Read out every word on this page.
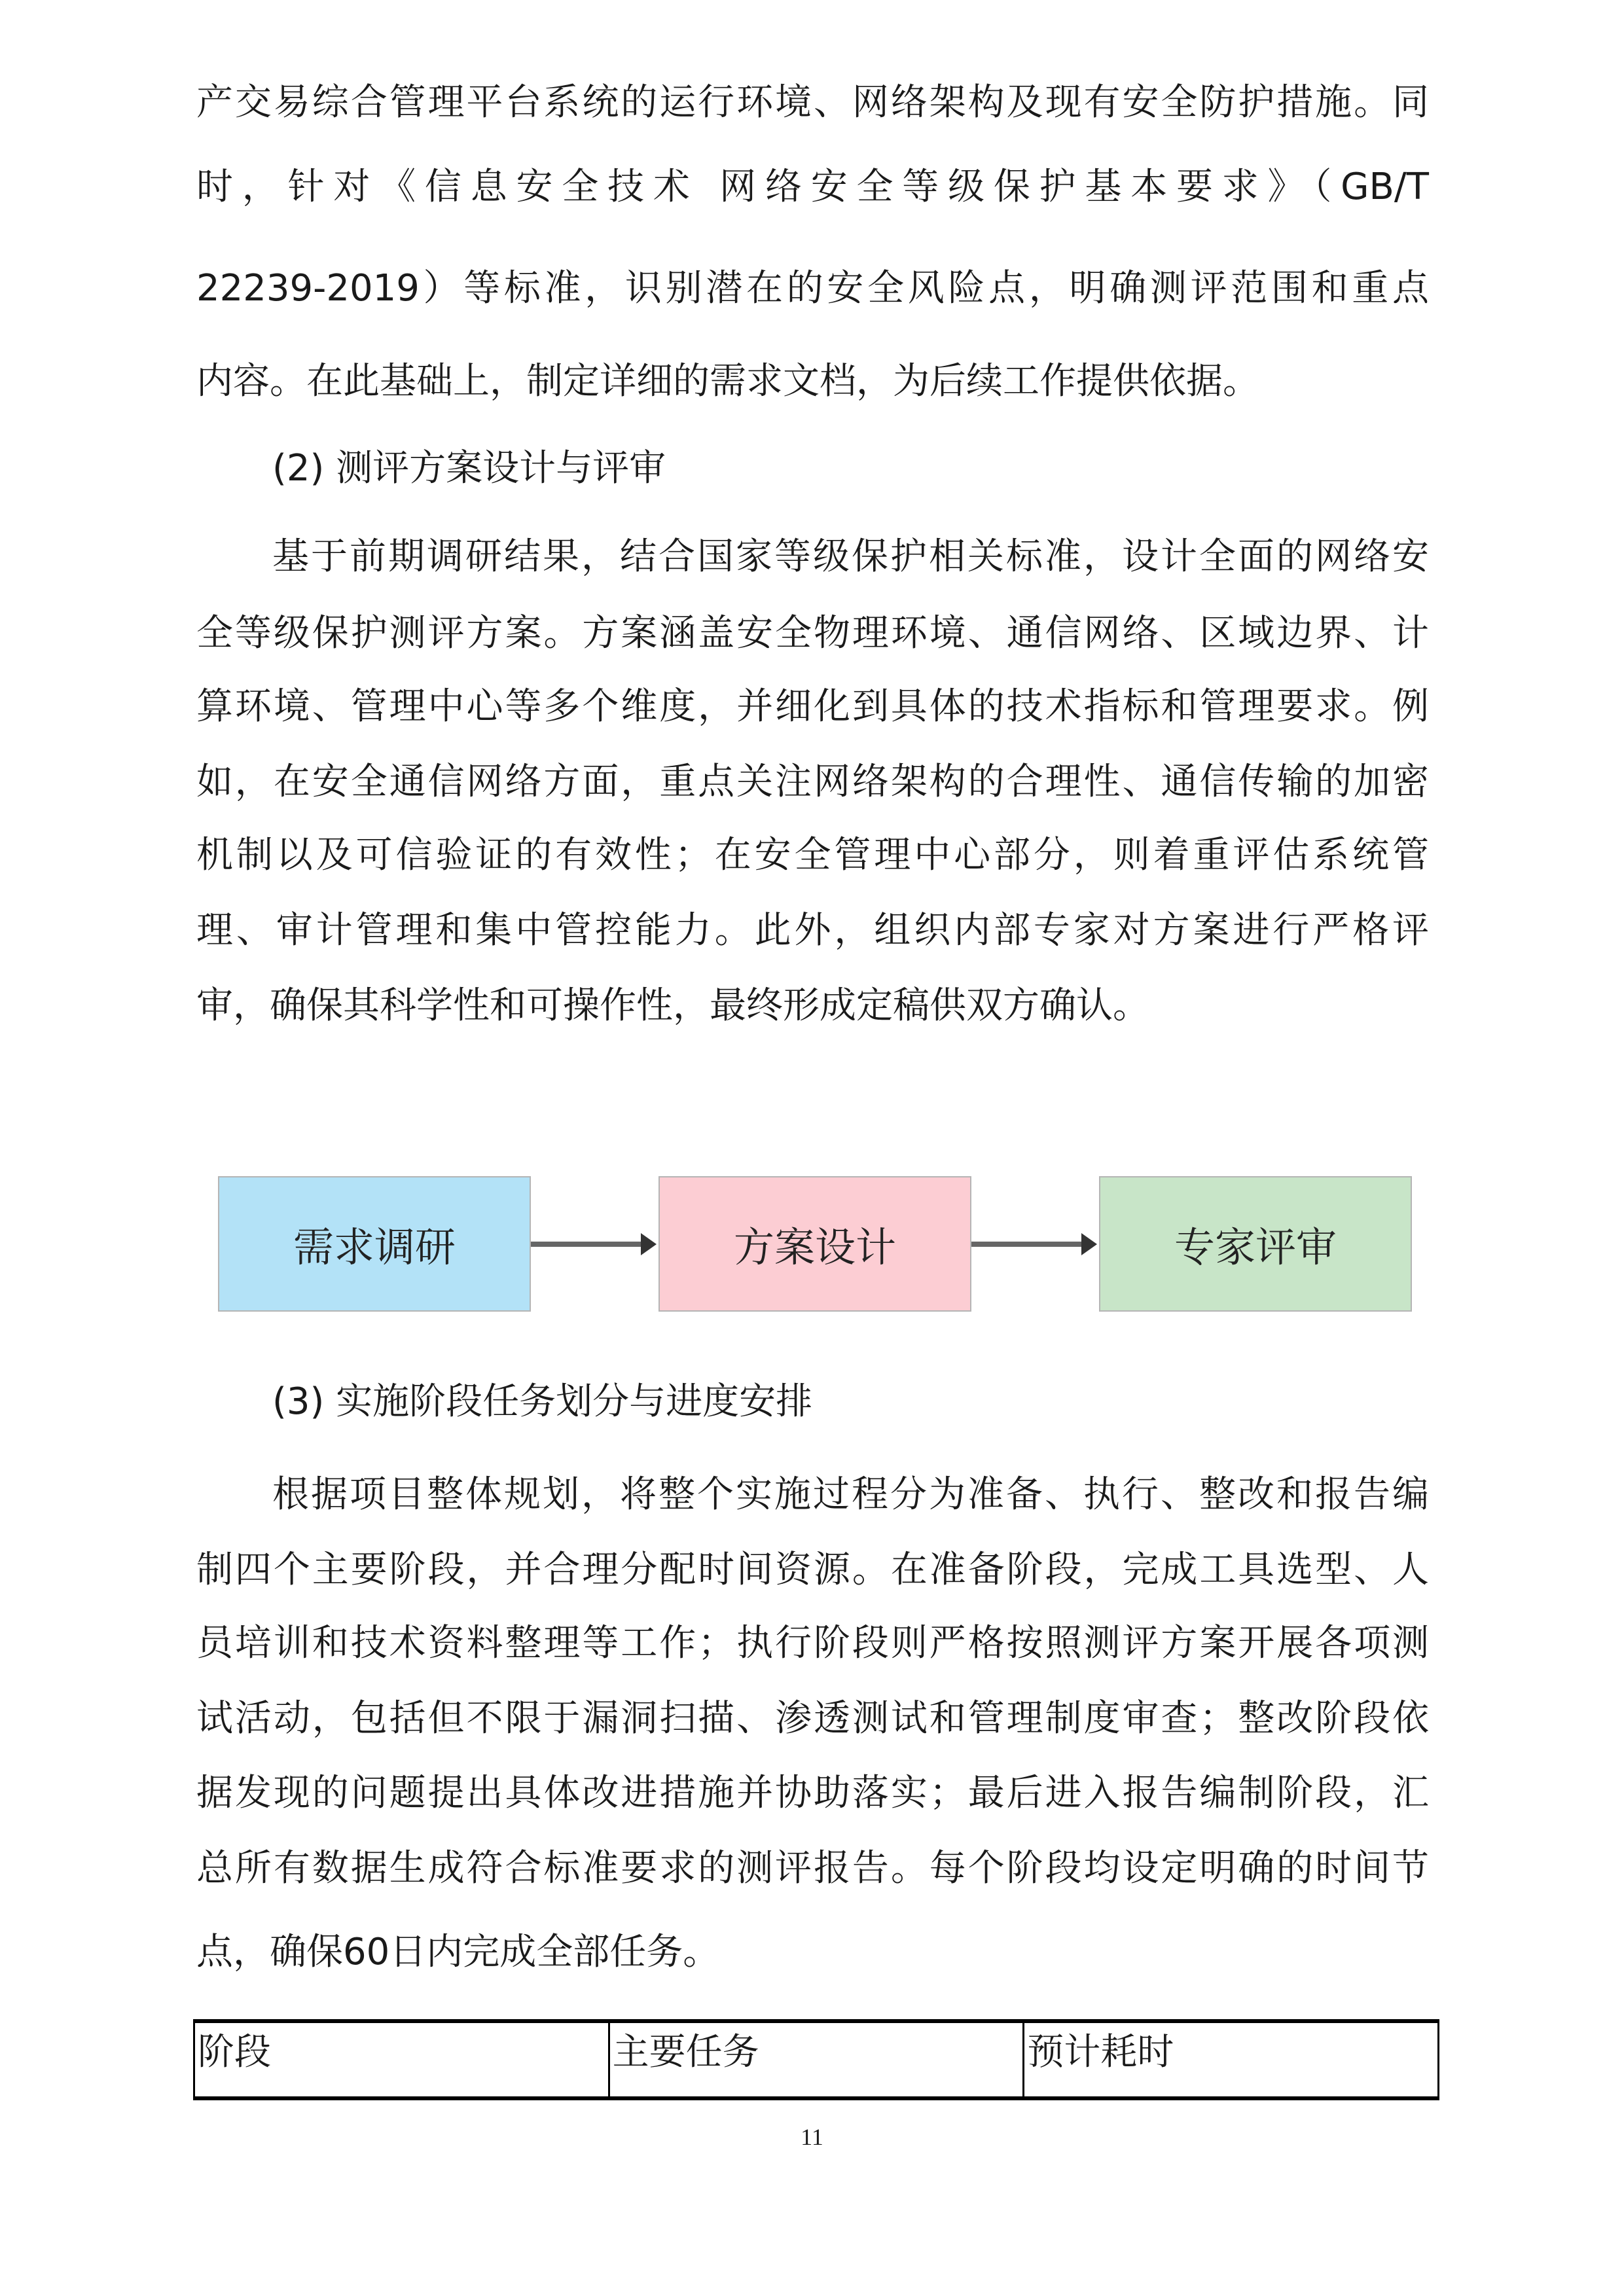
产交易综合管理平台系统的运行环境、网络架构及现有安全防护措施。同
时，针对《信息安全技术 网络安全等级保护基本要求》（GB/T
22239-2019）等标准，识别潜在的安全风险点，明确测评范围和重点
内容。在此基础上，制定详细的需求文档，为后续工作提供依据。
(2) 测评方案设计与评审
基于前期调研结果，结合国家等级保护相关标准，设计全面的网络安
全等级保护测评方案。方案涵盖安全物理环境、通信网络、区域边界、计
算环境、管理中心等多个维度，并细化到具体的技术指标和管理要求。例
如，在安全通信网络方面，重点关注网络架构的合理性、通信传输的加密
机制以及可信验证的有效性；在安全管理中心部分，则着重评估系统管
理、审计管理和集中管控能力。此外，组织内部专家对方案进行严格评
审，确保其科学性和可操作性，最终形成定稿供双方确认。
需求调研	方案设计	专家评审
(3) 实施阶段任务划分与进度安排
根据项目整体规划，将整个实施过程分为准备、执行、整改和报告编
制四个主要阶段，并合理分配时间资源。在准备阶段，完成工具选型、人
员培训和技术资料整理等工作；执行阶段则严格按照测评方案开展各项测
试活动，包括但不限于漏洞扫描、渗透测试和管理制度审查；整改阶段依
据发现的问题提出具体改进措施并协助落实；最后进入报告编制阶段，汇
总所有数据生成符合标准要求的测评报告。每个阶段均设定明确的时间节
点，确保60日内完成全部任务。
阶段	主要任务	预计耗时
11
